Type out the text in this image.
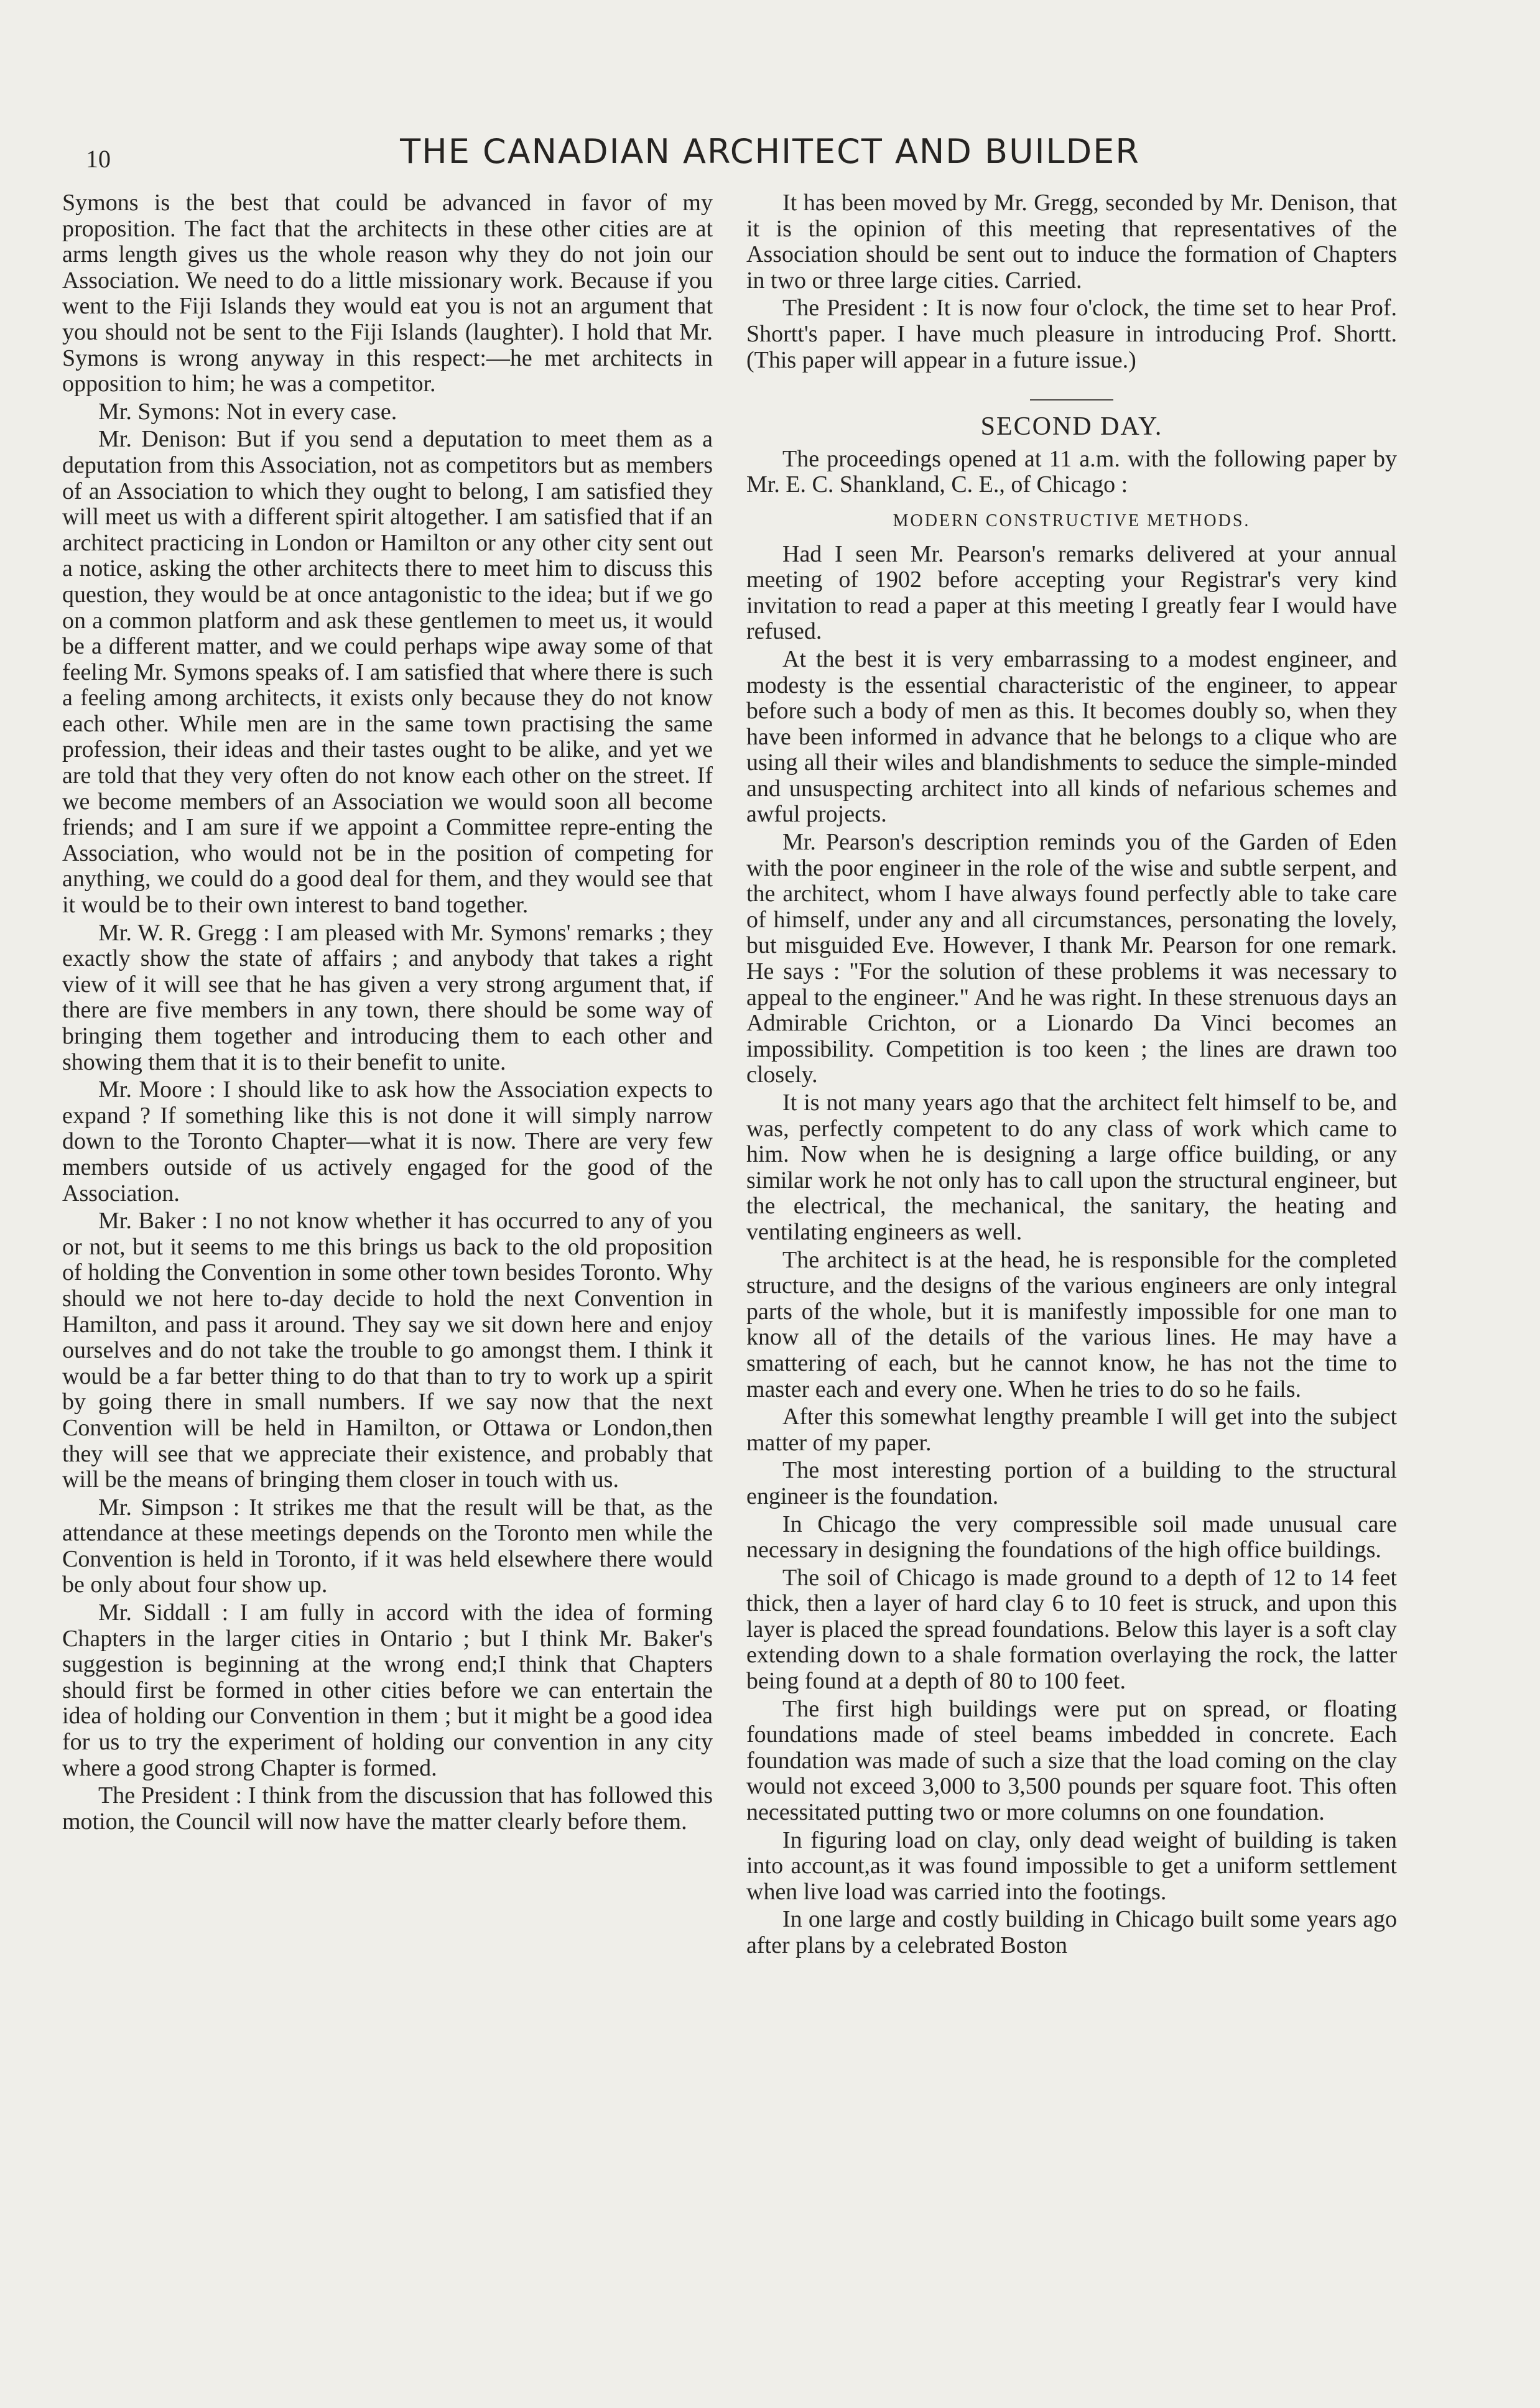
10	THE CANADIAN ARCHITECT AND BUILDER

Symons is the best that could be advanced in favor of my proposition. The fact that the architects in these other cities are at arms length gives us the whole reason why they do not join our Association. We need to do a little missionary work. Because if you went to the Fiji Islands they would eat you is not an argument that you should not be sent to the Fiji Islands (laughter). I hold that Mr. Symons is wrong anyway in this respect:—he met architects in opposition to him; he was a competitor.

Mr. Symons: Not in every case.

Mr. Denison: But if you send a deputation to meet them as a deputation from this Association, not as competitors but as members of an Association to which they ought to belong, I am satisfied they will meet us with a different spirit altogether. I am satisfied that if an architect practicing in London or Hamilton or any other city sent out a notice, asking the other architects there to meet him to discuss this question, they would be at once antagonistic to the idea; but if we go on a common platform and ask these gentlemen to meet us, it would be a different matter, and we could perhaps wipe away some of that feeling Mr. Symons speaks of. I am satisfied that where there is such a feeling among architects, it exists only because they do not know each other. While men are in the same town practising the same profession, their ideas and their tastes ought to be alike, and yet we are told that they very often do not know each other on the street. If we become members of an Association we would soon all become friends; and I am sure if we appoint a Committee repre-enting the Association, who would not be in the position of competing for anything, we could do a good deal for them, and they would see that it would be to their own interest to band together.

Mr. W. R. Gregg : I am pleased with Mr. Symons' remarks ; they exactly show the state of affairs ; and anybody that takes a right view of it will see that he has given a very strong argument that, if there are five members in any town, there should be some way of bringing them together and introducing them to each other and showing them that it is to their benefit to unite.

Mr. Moore : I should like to ask how the Association expects to expand ? If something like this is not done it will simply narrow down to the Toronto Chapter—what it is now. There are very few members outside of us actively engaged for the good of the Association.

Mr. Baker : I no not know whether it has occurred to any of you or not, but it seems to me this brings us back to the old proposition of holding the Convention in some other town besides Toronto. Why should we not here to-day decide to hold the next Convention in Hamilton, and pass it around. They say we sit down here and enjoy ourselves and do not take the trouble to go amongst them. I think it would be a far better thing to do that than to try to work up a spirit by going there in small numbers. If we say now that the next Convention will be held in Hamilton, or Ottawa or London,then they will see that we appreciate their existence, and probably that will be the means of bringing them closer in touch with us.

Mr. Simpson : It strikes me that the result will be that, as the attendance at these meetings depends on the Toronto men while the Convention is held in Toronto, if it was held elsewhere there would be only about four show up.

Mr. Siddall : I am fully in accord with the idea of forming Chapters in the larger cities in Ontario ; but I think Mr. Baker's suggestion is beginning at the wrong end;I think that Chapters should first be formed in other cities before we can entertain the idea of holding our Convention in them ; but it might be a good idea for us to try the experiment of holding our convention in any city where a good strong Chapter is formed.

The President : I think from the discussion that has followed this motion, the Council will now have the matter clearly before them.

It has been moved by Mr. Gregg, seconded by Mr. Denison, that it is the opinion of this meeting that representatives of the Association should be sent out to induce the formation of Chapters in two or three large cities. Carried.

The President : It is now four o'clock, the time set to hear Prof. Shortt's paper. I have much pleasure in introducing Prof. Shortt. (This paper will appear in a future issue.)

SECOND DAY.

The proceedings opened at 11 a.m. with the following paper by Mr. E. C. Shankland, C. E., of Chicago :

MODERN CONSTRUCTIVE METHODS.

Had I seen Mr. Pearson's remarks delivered at your annual meeting of 1902 before accepting your Registrar's very kind invitation to read a paper at this meeting I greatly fear I would have refused.

At the best it is very embarrassing to a modest engineer, and modesty is the essential characteristic of the engineer, to appear before such a body of men as this. It becomes doubly so, when they have been informed in advance that he belongs to a clique who are using all their wiles and blandishments to seduce the simple-minded and unsuspecting architect into all kinds of nefarious schemes and awful projects.

Mr. Pearson's description reminds you of the Garden of Eden with the poor engineer in the role of the wise and subtle serpent, and the architect, whom I have always found perfectly able to take care of himself, under any and all circumstances, personating the lovely, but misguided Eve. However, I thank Mr. Pearson for one remark. He says : "For the solution of these problems it was necessary to appeal to the engineer." And he was right. In these strenuous days an Admirable Crichton, or a Lionardo Da Vinci becomes an impossibility. Competition is too keen ; the lines are drawn too closely.

It is not many years ago that the architect felt himself to be, and was, perfectly competent to do any class of work which came to him. Now when he is designing a large office building, or any similar work he not only has to call upon the structural engineer, but the electrical, the mechanical, the sanitary, the heating and ventilating engineers as well.

The architect is at the head, he is responsible for the completed structure, and the designs of the various engineers are only integral parts of the whole, but it is manifestly impossible for one man to know all of the details of the various lines. He may have a smattering of each, but he cannot know, he has not the time to master each and every one. When he tries to do so he fails.

After this somewhat lengthy preamble I will get into the subject matter of my paper.

The most interesting portion of a building to the structural engineer is the foundation.

In Chicago the very compressible soil made unusual care necessary in designing the foundations of the high office buildings.

The soil of Chicago is made ground to a depth of 12 to 14 feet thick, then a layer of hard clay 6 to 10 feet is struck, and upon this layer is placed the spread foundations. Below this layer is a soft clay extending down to a shale formation overlaying the rock, the latter being found at a depth of 80 to 100 feet.

The first high buildings were put on spread, or floating foundations made of steel beams imbedded in concrete. Each foundation was made of such a size that the load coming on the clay would not exceed 3,000 to 3,500 pounds per square foot. This often necessitated putting two or more columns on one foundation.

In figuring load on clay, only dead weight of building is taken into account,as it was found impossible to get a uniform settlement when live load was carried into the footings.

In one large and costly building in Chicago built some years ago after plans by a celebrated Boston
